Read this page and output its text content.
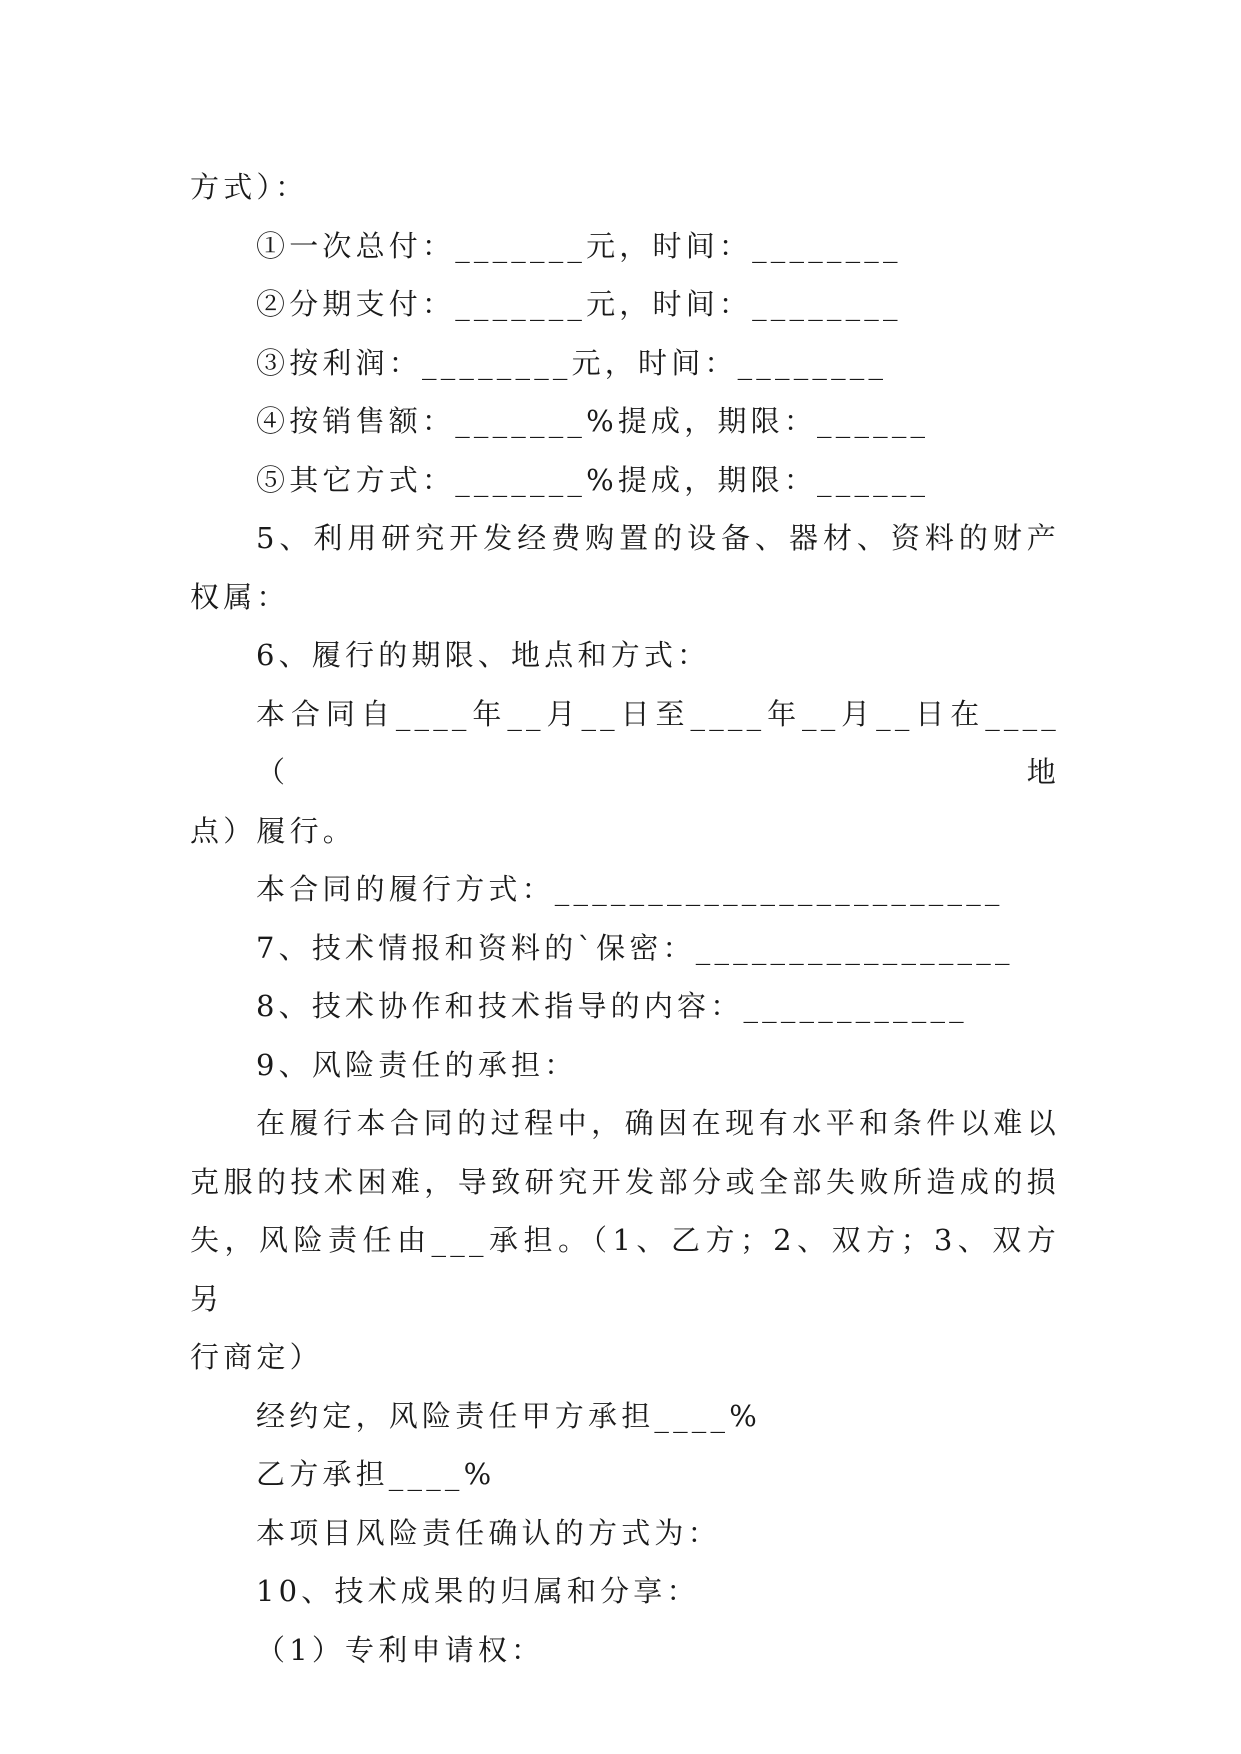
方式）：
①一次总付：_______元，时间：________
②分期支付：_______元，时间：________
③按利润：________元，时间：________
④按销售额：_______%提成，期限：______
⑤其它方式：_______%提成，期限：______
5、利用研究开发经费购置的设备、器材、资料的财产
权属：
6、履行的期限、地点和方式：
本合同自____年__月__日至____年__月__日在____（地
点）履行。
本合同的履行方式：________________________
7、技术情报和资料的`保密：_________________
8、技术协作和技术指导的内容：____________
9、风险责任的承担：
在履行本合同的过程中，确因在现有水平和条件以难以
克服的技术困难，导致研究开发部分或全部失败所造成的损
失，风险责任由___承担。（1、乙方；2、双方；3、双方另
行商定）
经约定，风险责任甲方承担____%
乙方承担____%
本项目风险责任确认的方式为：
10、技术成果的归属和分享：
（1）专利申请权：
